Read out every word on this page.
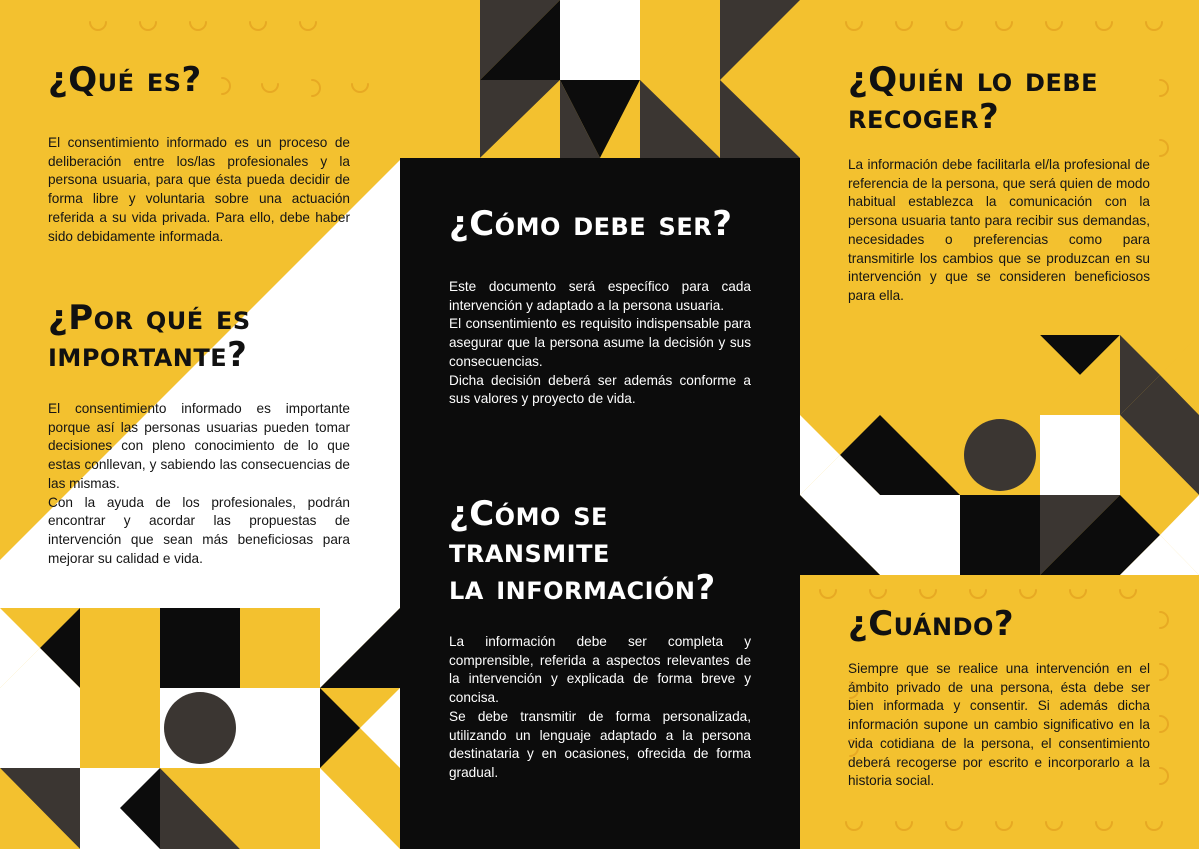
¿Qué es?

El consentimiento informado es un proceso de deliberación entre los/las profesionales y la persona usuaria, para que ésta pueda decidir de forma libre y voluntaria sobre una actuación referida a su vida privada. Para ello, debe haber sido debidamente informada.

¿Por qué es
importante?

El consentimiento informado es importante porque así las personas usuarias pueden tomar decisiones con pleno conocimiento de lo que estas conllevan, y sabiendo las consecuencias de las mismas.

Con la ayuda de los profesionales, podrán encontrar y acordar las propuestas de intervención que sean más beneficiosas para mejorar su calidad e vida.

¿Cómo debe ser?

Este documento será específico para cada intervención y adaptado a la persona usuaria.

El consentimiento es requisito indispensable para asegurar que la persona asume la decisión y sus consecuencias.

Dicha decisión deberá ser además conforme a sus valores y proyecto de vida.

¿Cómo se
transmite
la información?

La información debe ser completa y comprensible, referida a aspectos relevantes de la intervención y explicada de forma breve y concisa.

Se debe transmitir de forma personalizada, utilizando un lenguaje adaptado a la persona destinataria y en ocasiones, ofrecida de forma gradual.

¿Quién lo debe
recoger?

La información debe facilitarla el/la profesional de referencia de la persona, que será quien de modo habitual establezca la comunicación con la persona usuaria tanto para recibir sus demandas, necesidades o preferencias como para transmitirle los cambios que se produzcan en su intervención y que se consideren beneficiosos para ella.

¿Cuándo?

Siempre que se realice una intervención en el ámbito privado de una persona, ésta debe ser bien informada y consentir. Si además dicha información supone un cambio significativo en la vida cotidiana de la persona, el consentimiento deberá recogerse por escrito e incorporarlo a la historia social.
